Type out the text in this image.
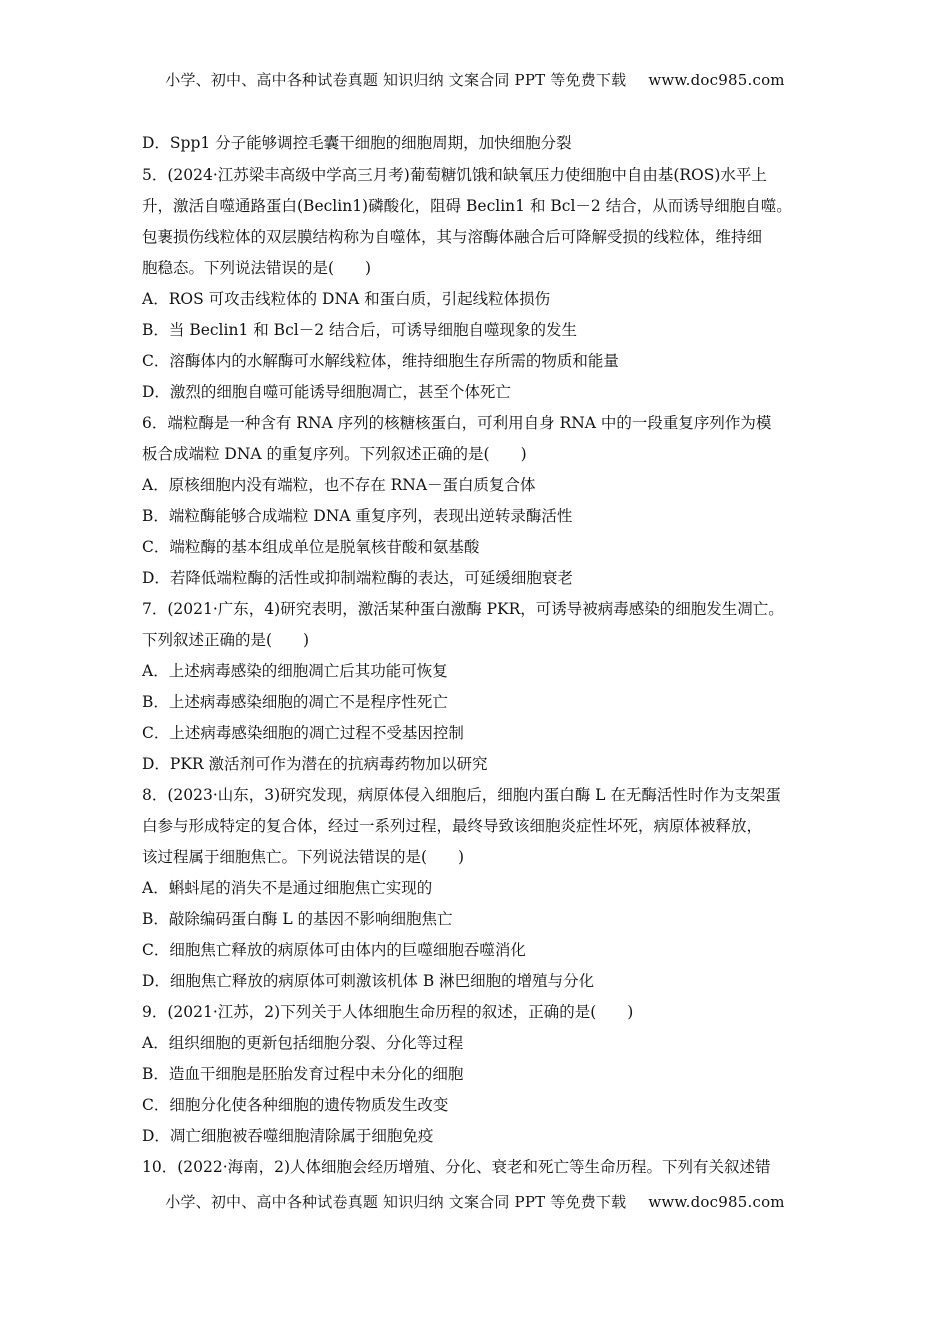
小学、初中、高中各种试卷真题 知识归纳 文案合同 PPT 等免费下载 www.doc985.com
D．Spp1 分子能够调控毛囊干细胞的细胞周期，加快细胞分裂
5．(2024·江苏梁丰高级中学高三月考)葡萄糖饥饿和缺氧压力使细胞中自由基(ROS)水平上
升，激活自噬通路蛋白(Beclin1)磷酸化，阻碍 Beclin1 和 Bcl－2 结合，从而诱导细胞自噬。
包裹损伤线粒体的双层膜结构称为自噬体，其与溶酶体融合后可降解受损的线粒体，维持细
胞稳态。下列说法错误的是(　　)
A．ROS 可攻击线粒体的 DNA 和蛋白质，引起线粒体损伤
B．当 Beclin1 和 Bcl－2 结合后，可诱导细胞自噬现象的发生
C．溶酶体内的水解酶可水解线粒体，维持细胞生存所需的物质和能量
D．激烈的细胞自噬可能诱导细胞凋亡，甚至个体死亡
6．端粒酶是一种含有 RNA 序列的核糖核蛋白，可利用自身 RNA 中的一段重复序列作为模
板合成端粒 DNA 的重复序列。下列叙述正确的是(　　)
A．原核细胞内没有端粒，也不存在 RNA－蛋白质复合体
B．端粒酶能够合成端粒 DNA 重复序列，表现出逆转录酶活性
C．端粒酶的基本组成单位是脱氧核苷酸和氨基酸
D．若降低端粒酶的活性或抑制端粒酶的表达，可延缓细胞衰老
7．(2021·广东，4)研究表明，激活某种蛋白激酶 PKR，可诱导被病毒感染的细胞发生凋亡。
下列叙述正确的是(　　)
A．上述病毒感染的细胞凋亡后其功能可恢复
B．上述病毒感染细胞的凋亡不是程序性死亡
C．上述病毒感染细胞的凋亡过程不受基因控制
D．PKR 激活剂可作为潜在的抗病毒药物加以研究
8．(2023·山东，3)研究发现，病原体侵入细胞后，细胞内蛋白酶 L 在无酶活性时作为支架蛋
白参与形成特定的复合体，经过一系列过程，最终导致该细胞炎症性坏死，病原体被释放，
该过程属于细胞焦亡。下列说法错误的是(　　)
A．蝌蚪尾的消失不是通过细胞焦亡实现的
B．敲除编码蛋白酶 L 的基因不影响细胞焦亡
C．细胞焦亡释放的病原体可由体内的巨噬细胞吞噬消化
D．细胞焦亡释放的病原体可刺激该机体 B 淋巴细胞的增殖与分化
9．(2021·江苏，2)下列关于人体细胞生命历程的叙述，正确的是(　　)
A．组织细胞的更新包括细胞分裂、分化等过程
B．造血干细胞是胚胎发育过程中未分化的细胞
C．细胞分化使各种细胞的遗传物质发生改变
D．凋亡细胞被吞噬细胞清除属于细胞免疫
10．(2022·海南，2)人体细胞会经历增殖、分化、衰老和死亡等生命历程。下列有关叙述错
小学、初中、高中各种试卷真题 知识归纳 文案合同 PPT 等免费下载 www.doc985.com
